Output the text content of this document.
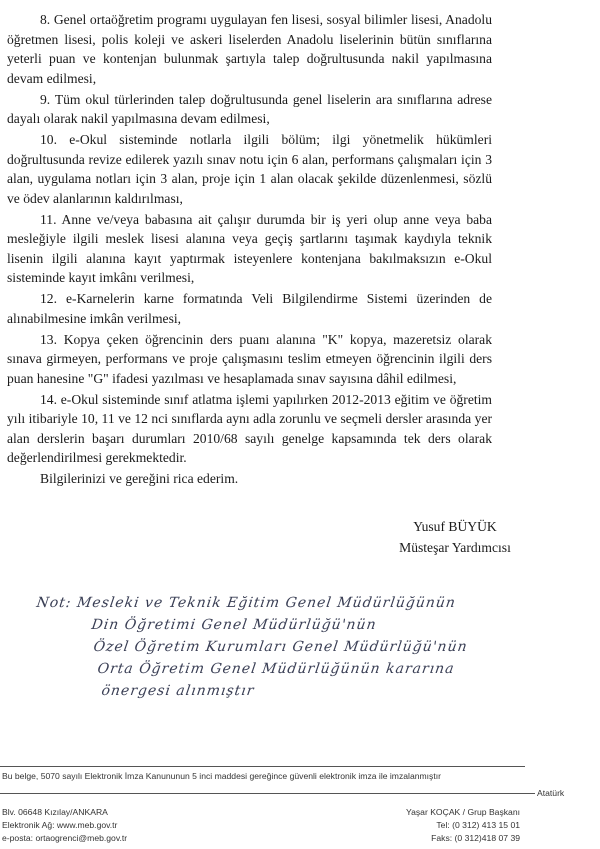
8. Genel ortaöğretim programı uygulayan fen lisesi, sosyal bilimler lisesi, Anadolu öğretmen lisesi, polis koleji ve askeri liselerden Anadolu liselerinin bütün sınıflarına yeterli puan ve kontenjan bulunmak şartıyla talep doğrultusunda nakil yapılmasına devam edilmesi,

9. Tüm okul türlerinden talep doğrultusunda genel liselerin ara sınıflarına adrese dayalı olarak nakil yapılmasına devam edilmesi,

10. e-Okul sisteminde notlarla ilgili bölüm; ilgi yönetmelik hükümleri doğrultusunda revize edilerek yazılı sınav notu için 6 alan, performans çalışmaları için 3 alan, uygulama notları için 3 alan, proje için 1 alan olacak şekilde düzenlenmesi, sözlü ve ödev alanlarının kaldırılması,

11. Anne ve/veya babasına ait çalışır durumda bir iş yeri olup anne veya baba mesleğiyle ilgili meslek lisesi alanına veya geçiş şartlarını taşımak kaydıyla teknik lisenin ilgili alanına kayıt yaptırmak isteyenlere kontenjana bakılmaksızın e-Okul sisteminde kayıt imkânı verilmesi,

12. e-Karnelerin karne formatında Veli Bilgilendirme Sistemi üzerinden de alınabilmesine imkân verilmesi,

13. Kopya çeken öğrencinin ders puanı alanına "K" kopya, mazeretsiz olarak sınava girmeyen, performans ve proje çalışmasını teslim etmeyen öğrencinin ilgili ders puan hanesine "G" ifadesi yazılması ve hesaplamada sınav sayısına dâhil edilmesi,

14. e-Okul sisteminde sınıf atlatma işlemi yapılırken 2012-2013 eğitim ve öğretim yılı itibariyle 10, 11 ve 12 nci sınıflarda aynı adla zorunlu ve seçmeli dersler arasında yer alan derslerin başarı durumları 2010/68 sayılı genelge kapsamında tek ders olarak değerlendirilmesi gerekmektedir.

Bilgilerinizi ve gereğini rica ederim.

Yusuf BÜYÜK
Müsteşar Yardımcısı
Not: Mesleki ve Teknik Eğitim Genel Müdürlüğünün
Din Öğretimi Genel Müdürlüğü'nün
Özel Öğretim Kurumları Genel Müdürlüğü'nün
Orta Öğretim Genel Müdürlüğünün kararına
önergesi alınmıştır
Bu belge, 5070 sayılı Elektronik İmza Kanununun 5 inci maddesi gereğince güvenli elektronik imza ile imzalanmıştır
Atatürk
Blv. 06648 Kızılay/ANKARA
Elektronik Ağ: www.meb.gov.tr
e-posta: ortaogrenci@meb.gov.tr
Yaşar KOÇAK / Grup Başkanı
Tel: (0 312) 413 15 01
Faks: (0 312)418 07 39
